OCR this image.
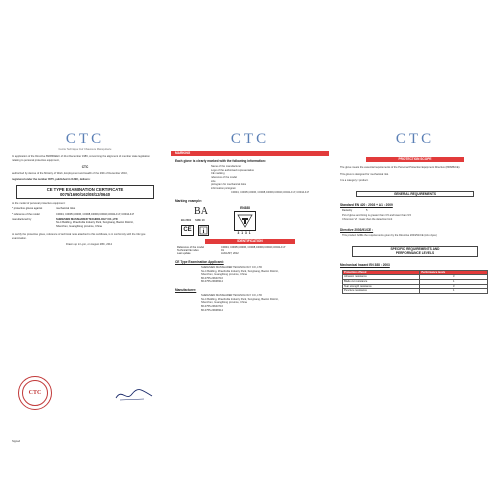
CTC
Centre Technique Cuir Chaussure Maroquinerie
In application of the Directive 89/686/EEC of 21st December 1989, concerning the alignment of member state legislation relating to personal protective equipment,
CTC
authorized by decree of the Ministry of Work, Employment and Health of the 29th of December 2010,
registered under the number 0075, published in OJEC, delivers:
CE TYPE EXAMINATION CERTIFICATE
0075/1690/162/08/12/0640
to the model of personal protective equipment:
* protective gloves against	mechanical risks
* reference of the model	C0004, C0005,C0006, C0008,C0009,C0040,C0041-F-P, C0044-F-P
manufactured by	SHENZHEN MASSHARER TECHNOLOGY CO.,LTD
No.4 Building, ZhaoFuDa Industry Park, SongGang, BaoAn District,
Shenzhen, GuangDong province, China
to certify the protective glove, reference of technical note attached to this certificate, is in conformity with the CE type examination.
Drawn up in Lyon, on August 28th, 2012
CTC
Signed
CTC
MARKING
Each glove is clearly marked with the following information:
Name of the manufacturer
Logo of the authorised representative
CE marking
reference of the model
size
pictogram for mechanical risks
information pictogram
C0004, C0005,C0006, C0008,C0009,C0040,C0041-F-P, C0044-F-P
Marking example:
BA
BA 2301 SIZE 10
CE	i
EN388
3131
IDENTIFICATION
Reference of the model	C0004, C0005,C0006, C0008,C0009,C0040,C0041-F-P
Technical file index	01
Last update	AUGUST, 2012
CE Type Examination Applicant:
SHENZHEN MASSHARER TECHNOLOGY CO.,LTD
No.4 Building, ZhaoFuDa Industry Park, SongGang, BaoAn District,
Shenzhen, GuangDong province, China
86-0755-29643716
86-0755-29938314
Manufacturer:
SHENZHEN MASSHARER TECHNOLOGY CO.,LTD
No.4 Building, ZhaoFuDa Industry Park, SongGang, BaoAn District,
Shenzhen, GuangDong province, China
86-0755-29643716
86-0755-29938314
CTC
PROTECTION SCOPE
The glove meets the essential requirements of the Personal Protection Equipment Directive (89/686/CE).
This glove is designed for mechanical risk.
It is a category I product.
GENERAL REQUIREMENTS
Standard EN 420 : 2003 + A1 : 2009
Dexterity	5
PH of glove and lining is greater than 3.5 and lower than 9.5
Chromium VI : lower than the detection limit
Directive 2003/91/CE :
This product fulfills the requirements given by the Directive 2003/91/CE (Azo dyes)
SPECIFIC REQUIREMENTS AND
PERFORMANCE LEVELS
Mechanical hazard EN 388 : 2003
Protection offered	Performance levels
Abrasion resistance	3
Blade cut resistance	1
Tear strength resistance	3
Puncture resistance	1
